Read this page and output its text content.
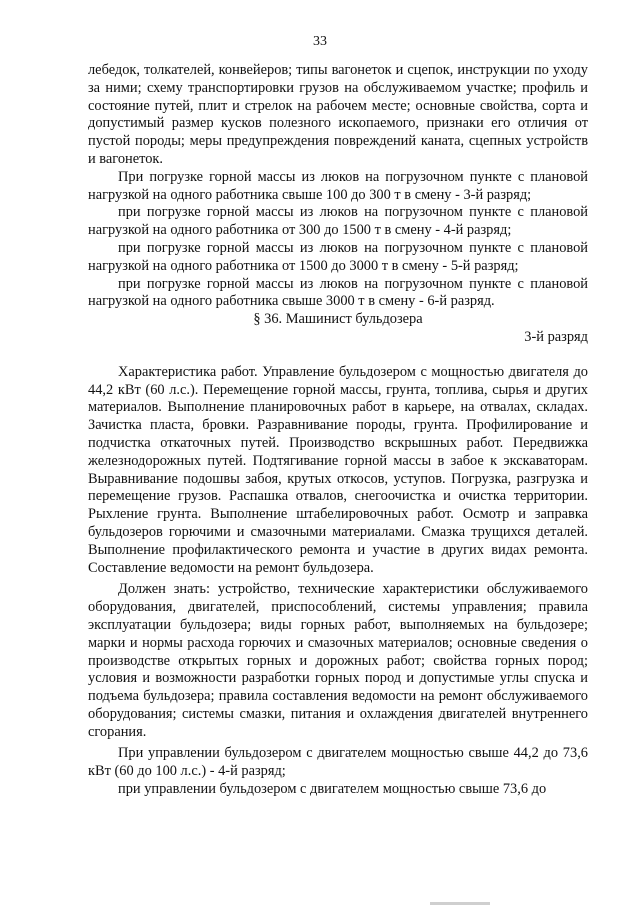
33

лебедок, толкателей, конвейеров; типы вагонеток и сцепок, инструкции по уходу за ними; схему транспортировки грузов на обслуживаемом участке; профиль и состояние путей, плит и стрелок на рабочем месте; основные свойства, сорта и допустимый размер кусков полезного ископаемого, признаки его отличия от пустой породы; меры предупреждения повреждений каната, сцепных устройств и вагонеток.

При погрузке горной массы из люков на погрузочном пункте с плановой нагрузкой на одного работника свыше 100 до 300 т в смену - 3-й разряд;

при погрузке горной массы из люков на погрузочном пункте с плановой нагрузкой на одного работника от 300 до 1500 т в смену - 4-й разряд;

при погрузке горной массы из люков на погрузочном пункте с плановой нагрузкой на одного работника от 1500 до 3000 т в смену - 5-й разряд;

при погрузке горной массы из люков на погрузочном пункте с плановой нагрузкой на одного работника свыше 3000 т в смену - 6-й разряд.

§ 36. Машинист бульдозера

3-й разряд

Характеристика работ. Управление бульдозером с мощностью двигателя до 44,2 кВт (60 л.с.). Перемещение горной массы, грунта, топлива, сырья и других материалов. Выполнение планировочных работ в карьере, на отвалах, складах. Зачистка пласта, бровки. Разравнивание породы, грунта. Профилирование и подчистка откаточных путей. Производство вскрышных работ. Передвижка железнодорожных путей. Подтягивание горной массы в забое к экскаваторам. Выравнивание подошвы забоя, крутых откосов, уступов. Погрузка, разгрузка и перемещение грузов. Распашка отвалов, снегоочистка и очистка территории. Рыхление грунта. Выполнение штабелировочных работ. Осмотр и заправка бульдозеров горючими и смазочными материалами. Смазка трущихся деталей. Выполнение профилактического ремонта и участие в других видах ремонта. Составление ведомости на ремонт бульдозера.

Должен знать: устройство, технические характеристики обслуживаемого оборудования, двигателей, приспособлений, системы управления; правила эксплуатации бульдозера; виды горных работ, выполняемых на бульдозере; марки и нормы расхода горючих и смазочных материалов; основные сведения о производстве открытых горных и дорожных работ; свойства горных пород; условия и возможности разработки горных пород и допустимые углы спуска и подъема бульдозера; правила составления ведомости на ремонт обслуживаемого оборудования; системы смазки, питания и охлаждения двигателей внутреннего сгорания.

При управлении бульдозером с двигателем мощностью свыше 44,2 до 73,6 кВт (60 до 100 л.с.) - 4-й разряд;

при управлении бульдозером с двигателем мощностью свыше 73,6 до
